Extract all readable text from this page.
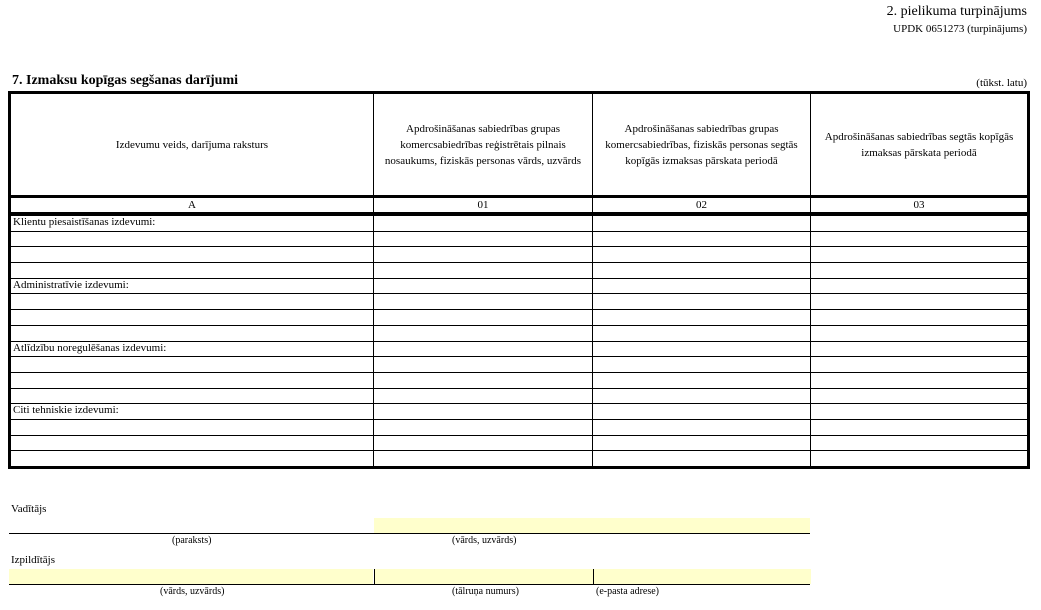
2. pielikuma turpinājums
UPDK 0651273 (turpinājums)
7. Izmaksu kopīgas segšanas darījumi	(tūkst. latu)
Izdevumu veids, darījuma raksturs	Apdrošināšanas sabiedrības grupas komercsabiedrības reģistrētais pilnais nosaukums, fiziskās personas vārds, uzvārds	Apdrošināšanas sabiedrības grupas komercsabiedrības, fiziskās personas segtās kopīgās izmaksas pārskata periodā	Apdrošināšanas sabiedrības segtās kopīgās izmaksas pārskata periodā
A	01	02	03
Klientu piesaistīšanas izdevumi:			

Administratīvie izdevumi:			

Atlīdzību noregulēšanas izdevumi:			

Citi tehniskie izdevumi:			

Vadītājs
(paraksts)	(vārds, uzvārds)
Izpildītājs
(vārds, uzvārds)	(tālruņa numurs)	(e-pasta adrese)
